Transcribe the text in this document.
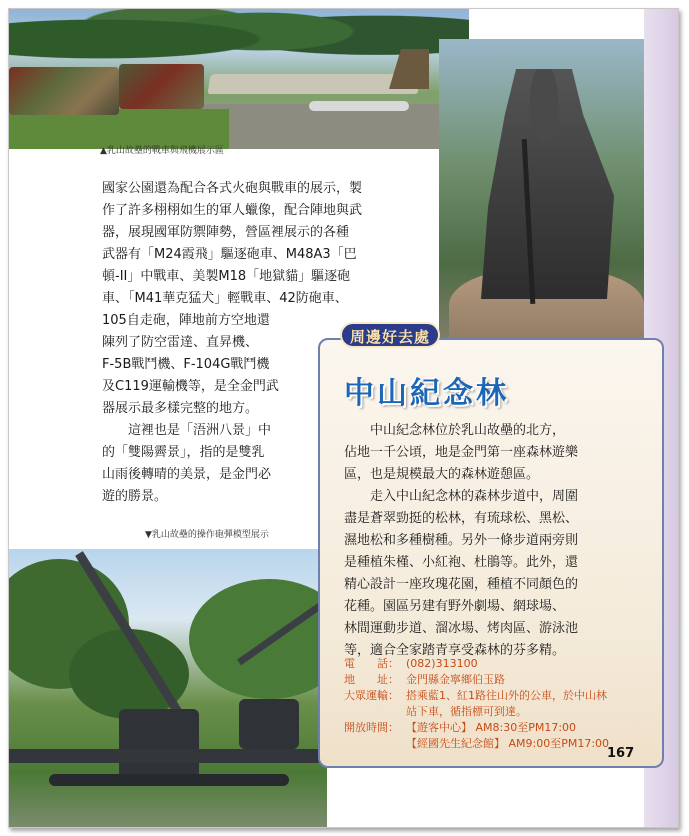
▲乳山故壘的戰車與飛機展示區
▼乳山故壘的操作砲彈模型展示
國家公園還為配合各式火砲與戰車的展示，製
作了許多栩栩如生的軍人蠟像，配合陣地與武
器，展現國軍防禦陣勢，營區裡展示的各種
武器有「M24霞飛」驅逐砲車、M48A3「巴
頓-II」中戰車、美製M18「地獄貓」驅逐砲
車、「M41華克猛犬」輕戰車、42防砲車、
105自走砲，陣地前方空地還
陳列了防空雷達、直昇機、
F-5B戰鬥機、F-104G戰鬥機
及C119運輸機等，是全金門武
器展示最多樣完整的地方。
這裡也是「浯洲八景」中
的「雙陽霽景」，指的是雙乳
山雨後轉晴的美景，是金門必
遊的勝景。
周邊好去處
中山紀念林
中山紀念林位於乳山故壘的北方，
佔地一千公頃，地是金門第一座森林遊樂
區，也是規模最大的森林遊憩區。
走入中山紀念林的森林步道中，周圍
盡是蒼翠勁挺的松林，有琉球松、黑松、
濕地松和多種樹種。另外一條步道兩旁則
是種植朱槿、小紅袍、杜鵑等。此外，還
精心設計一座玫瑰花園，種植不同顏色的
花種。園區另建有野外劇場、網球場、
林間運動步道、溜冰場、烤肉區、游泳池
等，適合全家踏青享受森林的芬多精。
電　　話： (082)313100
地　　址： 金門縣金寧鄉伯玉路
大眾運輸： 搭乘藍1、紅1路往山外的公車，於中山林
站下車，循指標可到達。
開放時間： 【遊客中心】 AM8:30至PM17:00
【經國先生紀念館】 AM9:00至PM17:00
167
